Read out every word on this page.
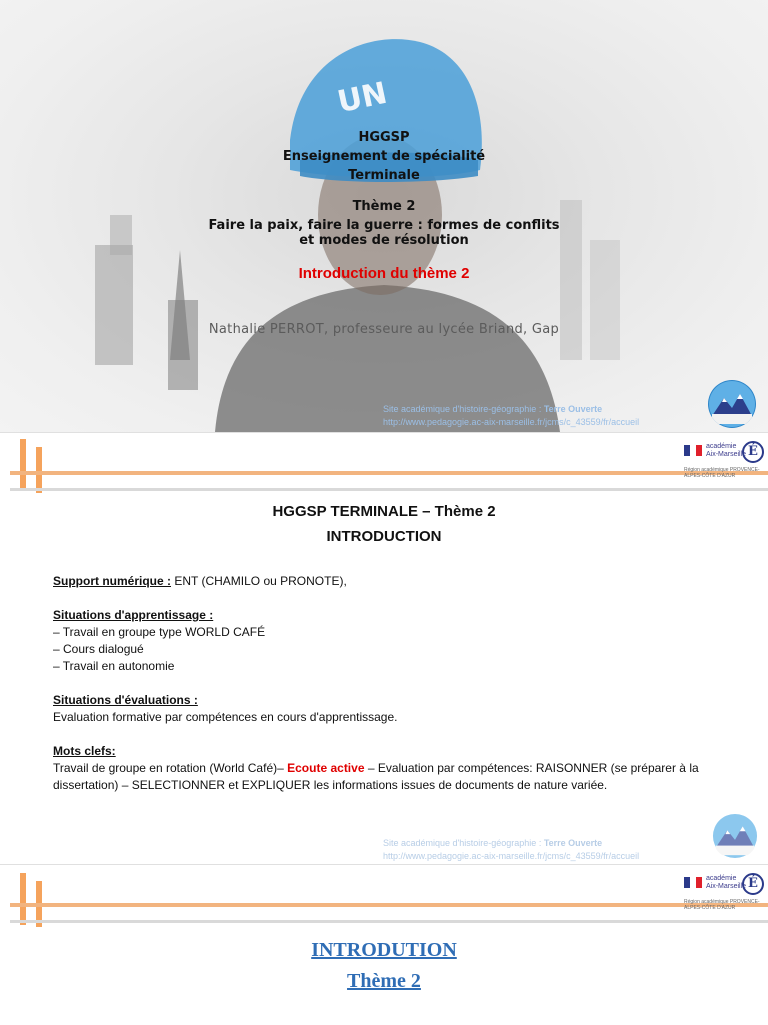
UN
HGGSP
Enseignement de spécialité
Terminale
Thème 2
Faire la paix, faire la guerre : formes de conflits
et modes de résolution
Introduction du thème 2
Nathalie PERROT, professeure au lycée Briand, Gap
Site académique d'histoire-géographie : Terre Ouverte
http://www.pedagogie.ac-aix-marseille.fr/jcms/c_43559/fr/accueil
académie
Aix-Marseille É
Région académique PROVENCE-ALPES-CÔTE D'AZUR
HGGSP TERMINALE – Thème 2
INTRODUCTION

Support numérique : ENT (CHAMILO ou PRONOTE),

Situations d'apprentissage :

– Travail en groupe type WORLD CAFÉ

– Cours dialogué

– Travail en autonomie

Situations d'évaluations :

Evaluation formative par compétences en cours d'apprentissage.

Mots clefs:

Travail de groupe en rotation (World Café)– Ecoute active – Evaluation par compétences: RAISONNER (se préparer à la dissertation) – SELECTIONNER et EXPLIQUER les informations issues de documents de nature variée.

Site académique d'histoire-géographie : Terre Ouverte
http://www.pedagogie.ac-aix-marseille.fr/jcms/c_43559/fr/accueil
académie
Aix-Marseille É
Région académique PROVENCE-ALPES-CÔTE D'AZUR
INTRODUTION
Thème 2
